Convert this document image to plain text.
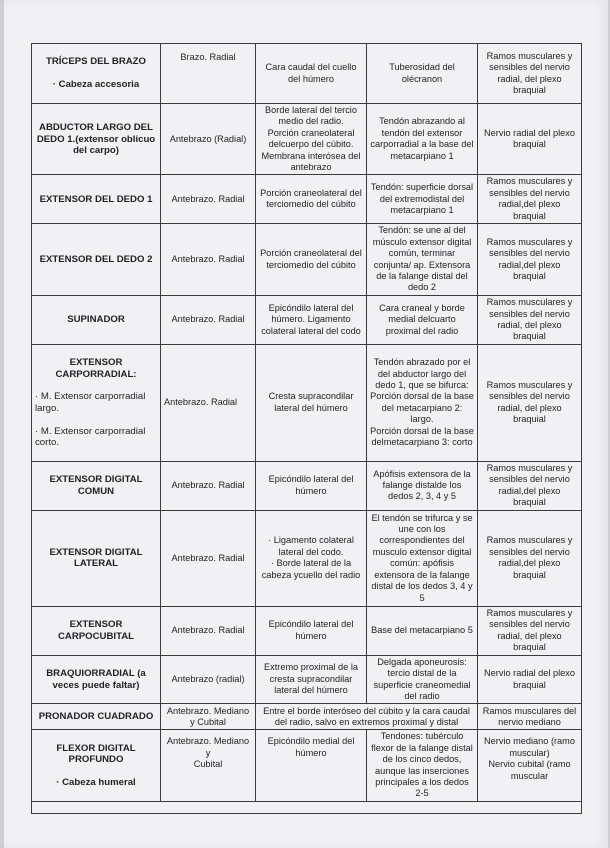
TRÍCEPS DEL BRAZO

· Cabeza accesoria	Brazo. Radial	Cara caudal del cuello del húmero	Tuberosidad del olécranon	Ramos musculares y sensibles del nervio radial, del plexo braquial
ABDUCTOR LARGO DEL DEDO 1.(extensor oblicuo del carpo)	Antebrazo (Radial)	Borde lateral del tercio medio del radio.
Porción craneolateral delcuerpo del cúbito.
Membrana interósea del antebrazo	Tendón abrazando al tendón del extensor carporradial a la base del metacarpiano 1	Nervio radial del plexo braquial
EXTENSOR DEL DEDO 1	Antebrazo. Radial	Porción craneolateral del terciomedio del cúbito	Tendón: superficie dorsal del extremodistal del metacarpiano 1	Ramos musculares y sensibles del nervio radial,del plexo braquial
EXTENSOR DEL DEDO 2	Antebrazo. Radial	Porción craneolateral del terciomedio del cúbito	Tendón: se une al del músculo extensor digital común, terminar conjunta/ ap. Extensora de la falange distal del dedo 2	Ramos musculares y sensibles del nervio radial,del plexo braquial
SUPINADOR	Antebrazo. Radial	Epicóndilo lateral del húmero. Ligamento colateral lateral del codo	Cara craneal y borde medial delcuarto proximal del radio	Ramos musculares y sensibles del nervio radial, del plexo braquial

EXTENSOR CARPORRADIAL:

· M. Extensor carporradial largo.

· M. Extensor carporradial corto.	Antebrazo. Radial	Cresta supracondilar lateral del húmero	Tendón abrazado por el del abductor largo del dedo 1, que se bifurca:
Porción dorsal de la base del metacarpiano 2: largo.
Porción dorsal de la base delmetacarpiano 3: corto	Ramos musculares y sensibles del nervio radial, del plexo braquial
EXTENSOR DIGITAL COMUN	Antebrazo. Radial	Epicóndilo lateral del húmero	Apófisis extensora de la falange distalde los dedos 2, 3, 4 y 5	Ramos musculares y sensibles del nervio radial,del plexo braquial
EXTENSOR DIGITAL LATERAL	Antebrazo. Radial	· Ligamento colateral lateral del codo.
· Borde lateral de la cabeza ycuello del radio	El tendón se trifurca y se une con los correspondientes del musculo extensor digital común: apófisis extensora de la falange distal de los dedos 3, 4 y 5	Ramos musculares y sensibles del nervio radial,del plexo braquial
EXTENSOR CARPOCUBITAL	Antebrazo. Radial	Epicóndilo lateral del húmero	Base del metacarpiano 5	Ramos musculares y sensibles del nervio radial, del plexo braquial
BRAQUIORRADIAL (a veces puede faltar)	Antebrazo (radial)	Extremo proximal de la cresta supracondilar lateral del húmero	Delgada aponeurosis: tercio distal de la superficie craneomedial del radio	Nervio radial del plexo braquial
PRONADOR CUADRADO	Antebrazo. Mediano y Cubital	Entre el borde interóseo del cúbito y la cara caudal del radio, salvo en extremos proximal y distal		Ramos musculares del nervio mediano

FLEXOR DIGITAL PROFUNDO

· Cabeza humeral	Antebrazo. Mediano
y
Cubital	Epicóndilo medial del húmero	Tendones: tubérculo flexor de la falange distal de los cinco dedos, aunque las inserciones principales a los dedos 2-5	Nervio mediano (ramo muscular)
Nervio cubital (ramo muscular
